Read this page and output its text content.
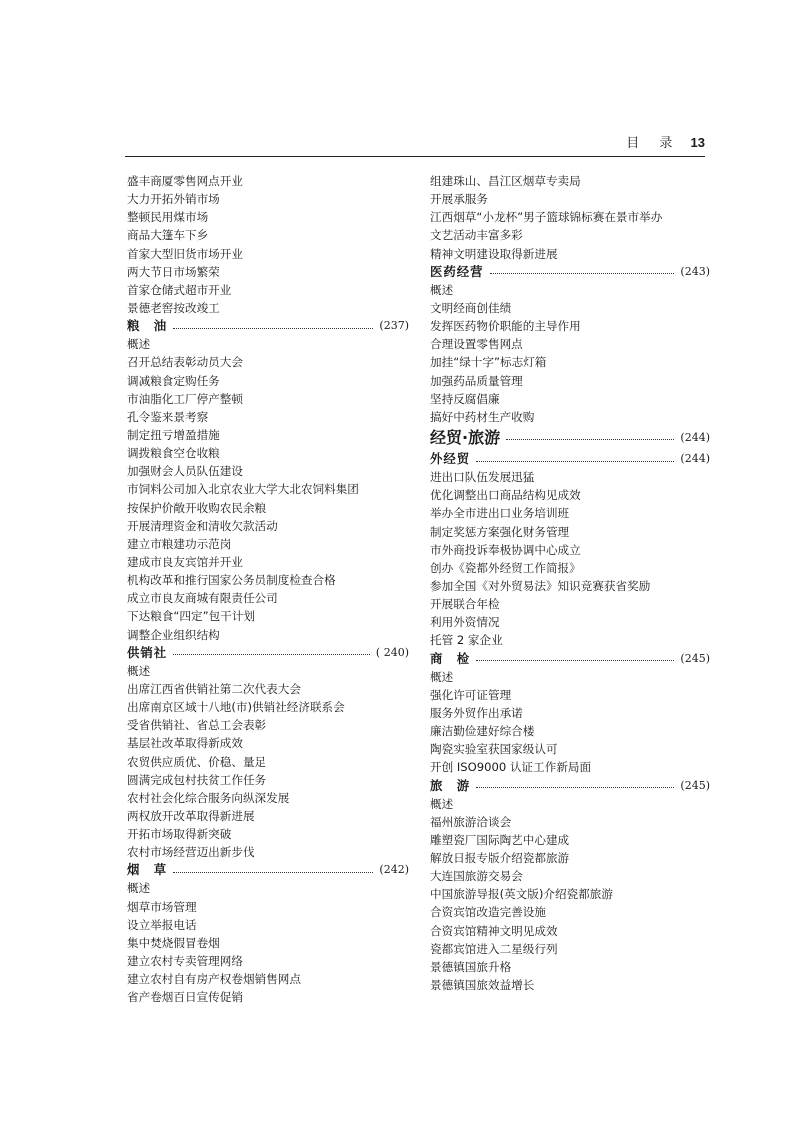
目 录 13
盛丰商厦零售网点开业
大力开拓外销市场
整顿民用煤市场
商品大篷车下乡
首家大型旧货市场开业
两大节日市场繁荣
首家仓储式超市开业
景德老窖按改竣工
粮　油	(237)
概述
召开总结表彰动员大会
调减粮食定购任务
市油脂化工厂停产整顿
孔令鉴来景考察
制定扭亏增盈措施
调拨粮食空仓收粮
加强财会人员队伍建设
市饲料公司加入北京农业大学大北农饲料集团
按保护价敞开收购农民余粮
开展清理资金和清收欠款活动
建立市粮建功示范岗
建成市良友宾馆并开业
机构改革和推行国家公务员制度检查合格
成立市良友商城有限责任公司
下达粮食“四定”包干计划
调整企业组织结构
供销社	( 240)
概述
出席江西省供销社第二次代表大会
出席南京区域十八地(市)供销社经济联系会
受省供销社、省总工会表彰
基层社改革取得新成效
农贸供应质优、价稳、量足
圆满完成包村扶贫工作任务
农村社会化综合服务向纵深发展
两权放开改革取得新进展
开拓市场取得新突破
农村市场经营迈出新步伐
烟　草	(242)
概述
烟草市场管理
设立举报电话
集中焚烧假冒卷烟
建立农村专卖管理网络
建立农村自有房产权卷烟销售网点
省产卷烟百日宣传促销
组建珠山、昌江区烟草专卖局
开展承服务
江西烟草“小龙杯”男子篮球锦标赛在景市举办
文艺活动丰富多彩
精神文明建设取得新进展
医药经营	(243)
概述
文明经商创佳绩
发挥医药物价职能的主导作用
合理设置零售网点
加挂“绿十字”标志灯箱
加强药品质量管理
坚持反腐倡廉
搞好中药材生产收购
经贸·旅游	(244)
外经贸	(244)
进出口队伍发展迅猛
优化调整出口商品结构见成效
举办全市进出口业务培训班
制定奖惩方案强化财务管理
市外商投诉奉极协调中心成立
创办《瓷都外经贸工作简报》
参加全国《对外贸易法》知识竞赛获省奖励
开展联合年检
利用外资情况
托管 2 家企业
商　检	(245)
概述
强化许可证管理
服务外贸作出承诺
廉洁勤俭建好综合楼
陶瓷实验室获国家级认可
开创 ISO9000 认证工作新局面
旅　游	(245)
概述
福州旅游洽谈会
雕塑瓷厂国际陶艺中心建成
解放日报专版介绍瓷都旅游
大连国旅游交易会
中国旅游导报(英文版)介绍瓷都旅游
合资宾馆改造完善设施
合资宾馆精神文明见成效
瓷都宾馆进入二星级行列
景德镇国旅升格
景德镇国旅效益增长
